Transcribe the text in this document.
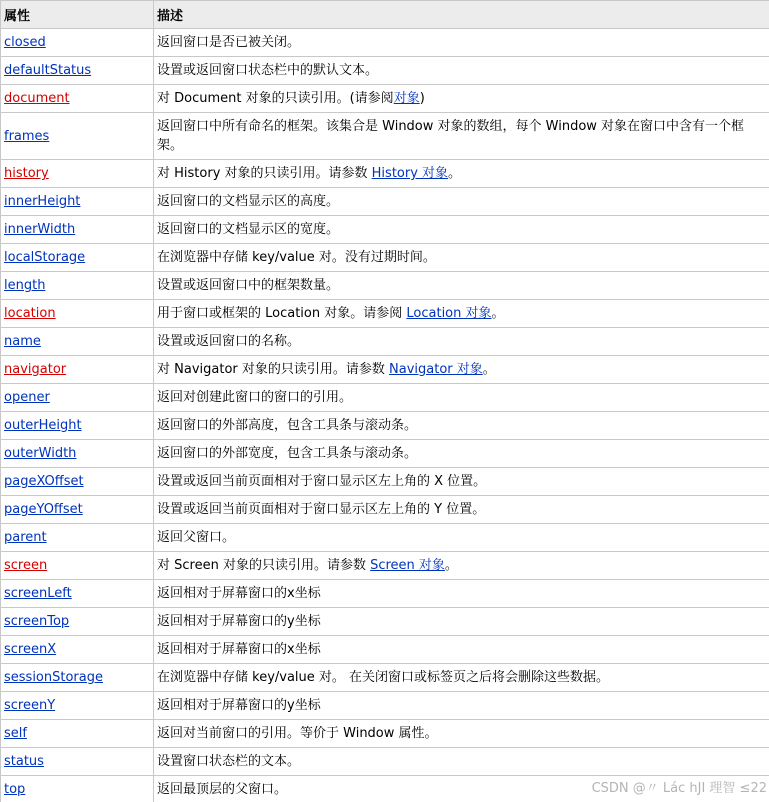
属性	描述
closed	返回窗口是否已被关闭。
defaultStatus	设置或返回窗口状态栏中的默认文本。
document	对 Document 对象的只读引用。(请参阅对象)
frames	返回窗口中所有命名的框架。该集合是 Window 对象的数组，每个 Window 对象在窗口中含有一个框架。
history	对 History 对象的只读引用。请参数 History 对象。
innerHeight	返回窗口的文档显示区的高度。
innerWidth	返回窗口的文档显示区的宽度。
localStorage	在浏览器中存储 key/value 对。没有过期时间。
length	设置或返回窗口中的框架数量。
location	用于窗口或框架的 Location 对象。请参阅 Location 对象。
name	设置或返回窗口的名称。
navigator	对 Navigator 对象的只读引用。请参数 Navigator 对象。
opener	返回对创建此窗口的窗口的引用。
outerHeight	返回窗口的外部高度，包含工具条与滚动条。
outerWidth	返回窗口的外部宽度，包含工具条与滚动条。
pageXOffset	设置或返回当前页面相对于窗口显示区左上角的 X 位置。
pageYOffset	设置或返回当前页面相对于窗口显示区左上角的 Y 位置。
parent	返回父窗口。
screen	对 Screen 对象的只读引用。请参数 Screen 对象。
screenLeft	返回相对于屏幕窗口的x坐标
screenTop	返回相对于屏幕窗口的y坐标
screenX	返回相对于屏幕窗口的x坐标
sessionStorage	在浏览器中存储 key/value 对。 在关闭窗口或标签页之后将会删除这些数据。
screenY	返回相对于屏幕窗口的y坐标
self	返回对当前窗口的引用。等价于 Window 属性。
status	设置窗口状态栏的文本。
top	返回最顶层的父窗口。	CSDN @〃 Lác hJI 理智 ≤22
